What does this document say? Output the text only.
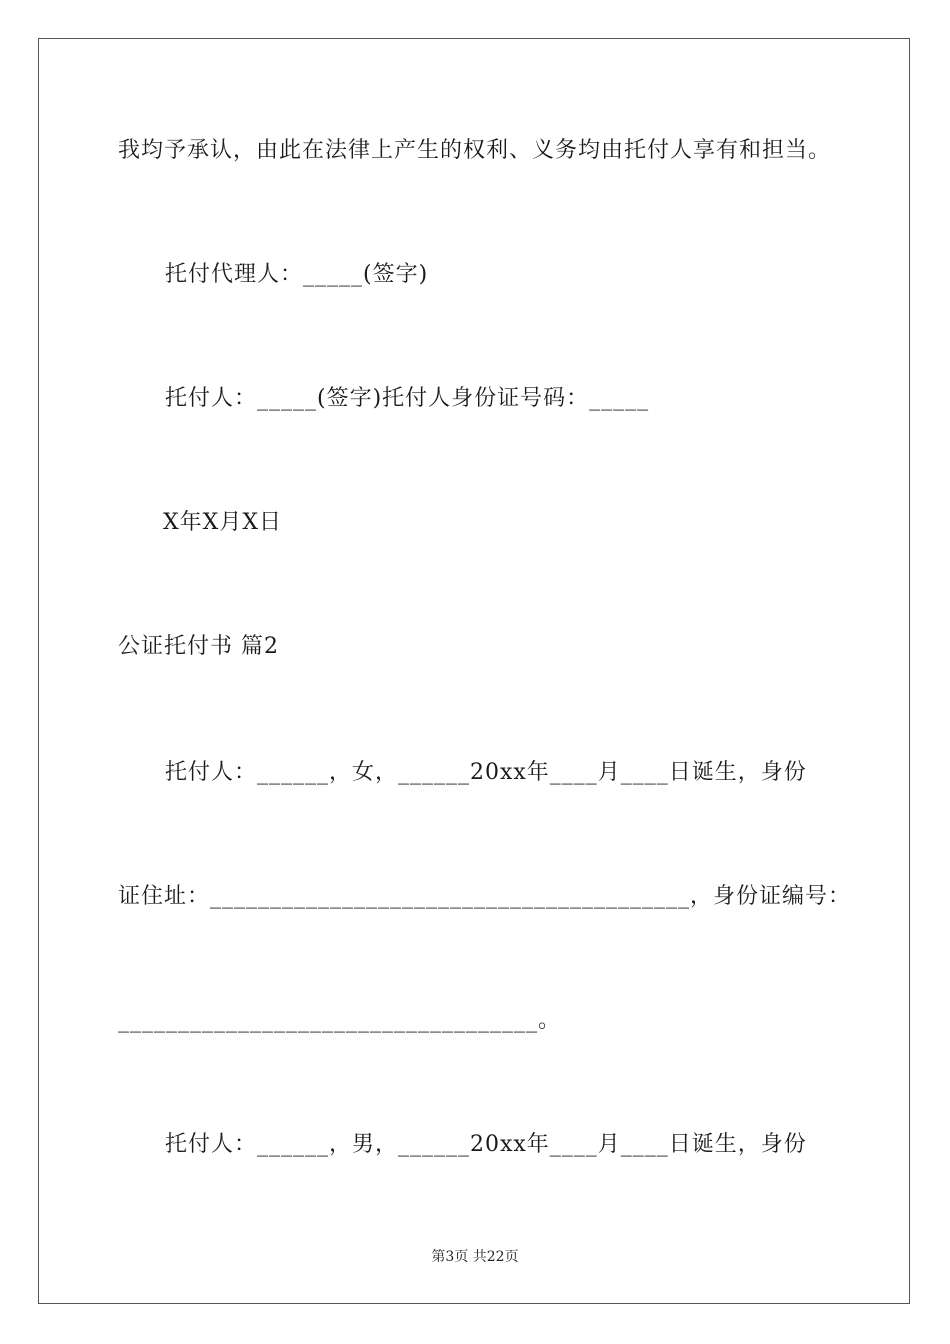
我均予承认，由此在法律上产生的权利、义务均由托付人享有和担当。
托付代理人：_____(签字)
托付人：_____(签字)托付人身份证号码：_____
X年X月X日
公证托付书 篇2
托付人：______，女，______20xx年____月____日诞生，身份
证住址：________________________________________，身份证编号：
___________________________________。
托付人：______，男，______20xx年____月____日诞生，身份
第3页 共22页
